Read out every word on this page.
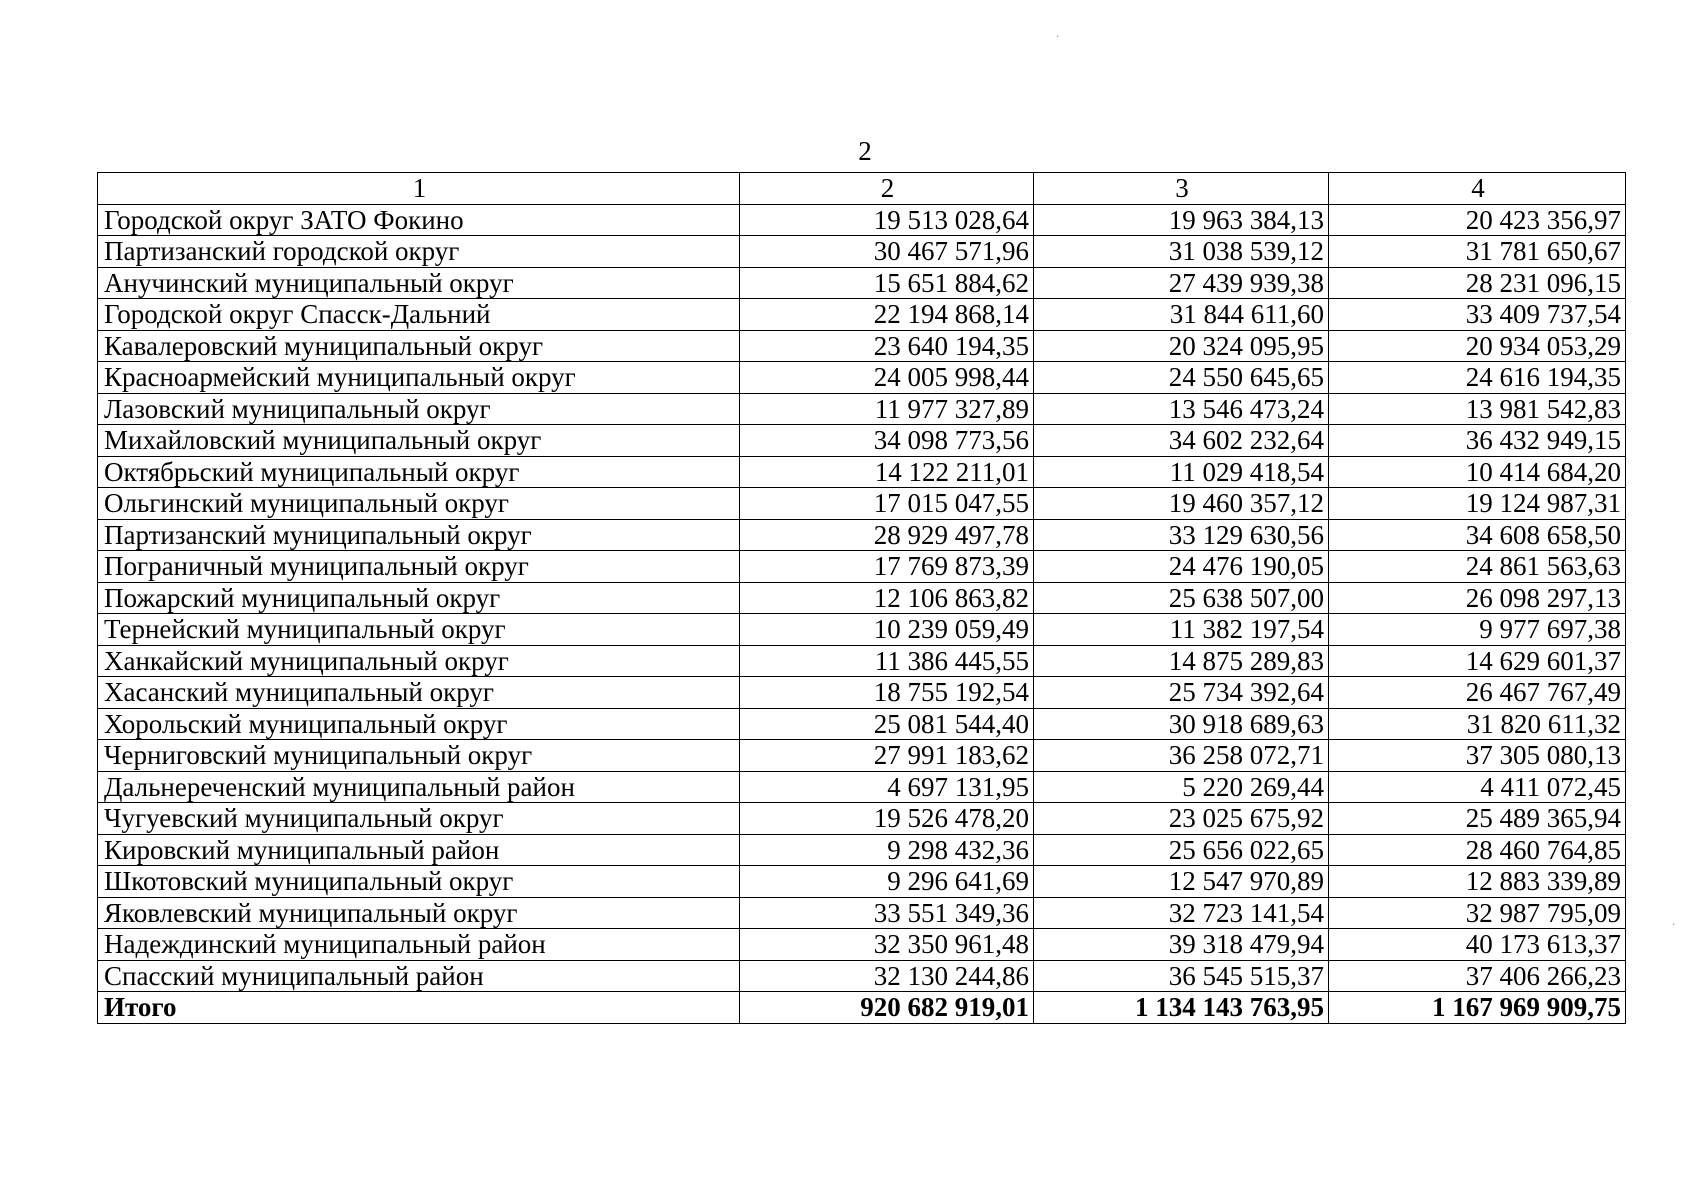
2
1	2	3	4
Городской округ ЗАТО Фокино	19 513 028,64	19 963 384,13	20 423 356,97
Партизанский городской округ	30 467 571,96	31 038 539,12	31 781 650,67
Анучинский муниципальный округ	15 651 884,62	27 439 939,38	28 231 096,15
Городской округ Спасск-Дальний	22 194 868,14	31 844 611,60	33 409 737,54
Кавалеровский муниципальный округ	23 640 194,35	20 324 095,95	20 934 053,29
Красноармейский муниципальный округ	24 005 998,44	24 550 645,65	24 616 194,35
Лазовский муниципальный округ	11 977 327,89	13 546 473,24	13 981 542,83
Михайловский муниципальный округ	34 098 773,56	34 602 232,64	36 432 949,15
Октябрьский муниципальный округ	14 122 211,01	11 029 418,54	10 414 684,20
Ольгинский муниципальный округ	17 015 047,55	19 460 357,12	19 124 987,31
Партизанский муниципальный округ	28 929 497,78	33 129 630,56	34 608 658,50
Пограничный муниципальный округ	17 769 873,39	24 476 190,05	24 861 563,63
Пожарский муниципальный округ	12 106 863,82	25 638 507,00	26 098 297,13
Тернейский муниципальный округ	10 239 059,49	11 382 197,54	9 977 697,38
Ханкайский муниципальный округ	11 386 445,55	14 875 289,83	14 629 601,37
Хасанский муниципальный округ	18 755 192,54	25 734 392,64	26 467 767,49
Хорольский муниципальный округ	25 081 544,40	30 918 689,63	31 820 611,32
Черниговский муниципальный округ	27 991 183,62	36 258 072,71	37 305 080,13
Дальнереченский муниципальный район	4 697 131,95	5 220 269,44	4 411 072,45
Чугуевский муниципальный округ	19 526 478,20	23 025 675,92	25 489 365,94
Кировский муниципальный район	9 298 432,36	25 656 022,65	28 460 764,85
Шкотовский муниципальный округ	9 296 641,69	12 547 970,89	12 883 339,89
Яковлевский муниципальный округ	33 551 349,36	32 723 141,54	32 987 795,09
Надеждинский муниципальный район	32 350 961,48	39 318 479,94	40 173 613,37
Спасский муниципальный район	32 130 244,86	36 545 515,37	37 406 266,23
Итого	920 682 919,01	1 134 143 763,95	1 167 969 909,75
·
·
